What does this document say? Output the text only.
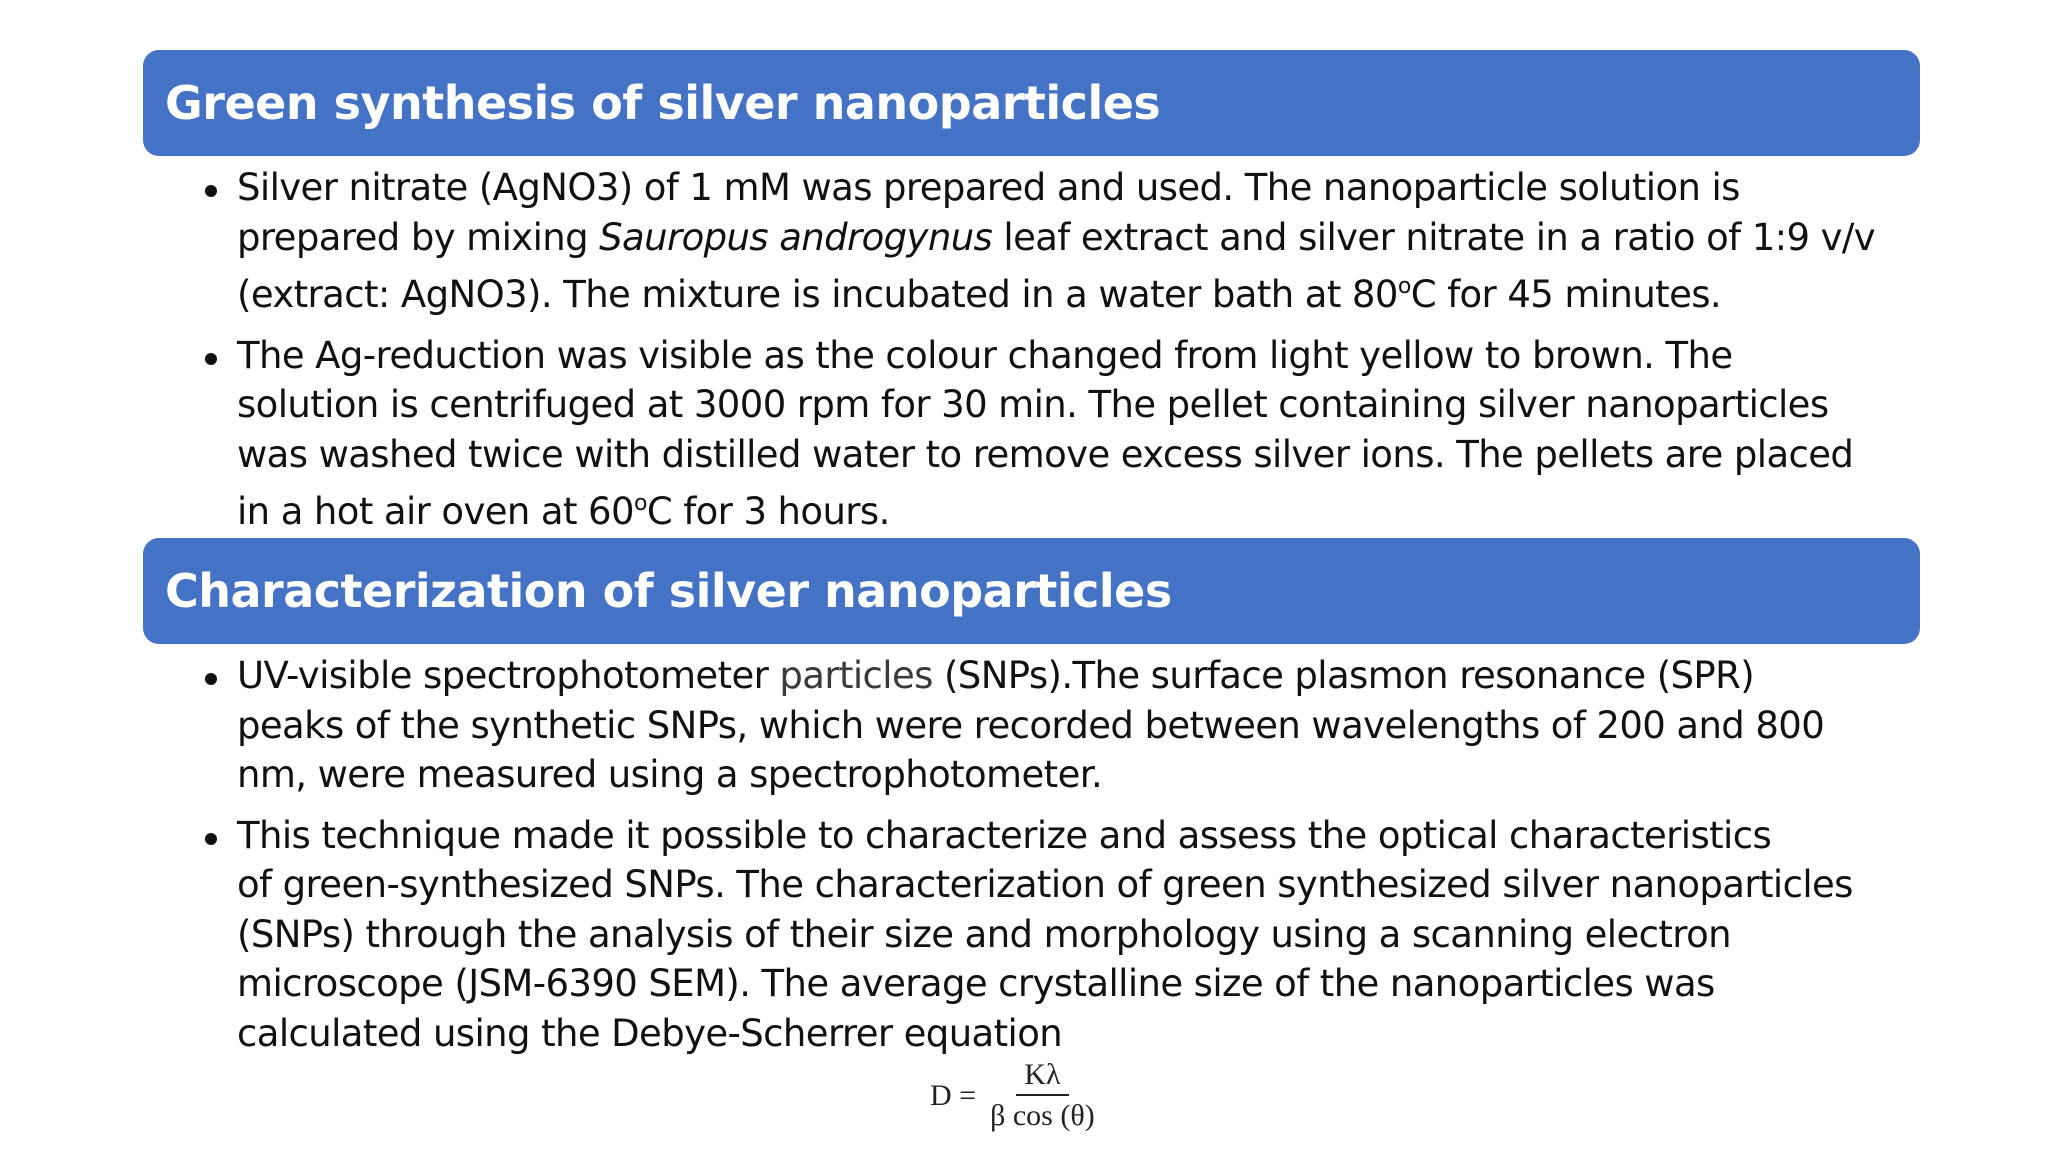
Green synthesis of silver nanoparticles
Silver nitrate (AgNO3) of 1 mM was prepared and used. The nanoparticle solution is
prepared by mixing Sauropus androgynus leaf extract and silver nitrate in a ratio of 1:9 v/v
(extract: AgNO3). The mixture is incubated in a water bath at 80$^o$C for 45 minutes.
The Ag-reduction was visible as the colour changed from light yellow to brown. The
solution is centrifuged at 3000 rpm for 30 min. The pellet containing silver nanoparticles
was washed twice with distilled water to remove excess silver ions. The pellets are placed
in a hot air oven at 60$^o$C for 3 hours.
Characterization of silver nanoparticles
UV-visible spectrophotometer particles (SNPs).The surface plasmon resonance (SPR)
peaks of the synthetic SNPs, which were recorded between wavelengths of 200 and 800
nm, were measured using a spectrophotometer.
This technique made it possible to characterize and assess the optical characteristics
of green-synthesized SNPs. The characterization of green synthesized silver nanoparticles
(SNPs) through the analysis of their size and morphology using a scanning electron
microscope (JSM-6390 SEM). The average crystalline size of the nanoparticles was
calculated using the Debye-Scherrer equation
$D = \frac{K\lambda}{\text{β cos (θ)}}$
